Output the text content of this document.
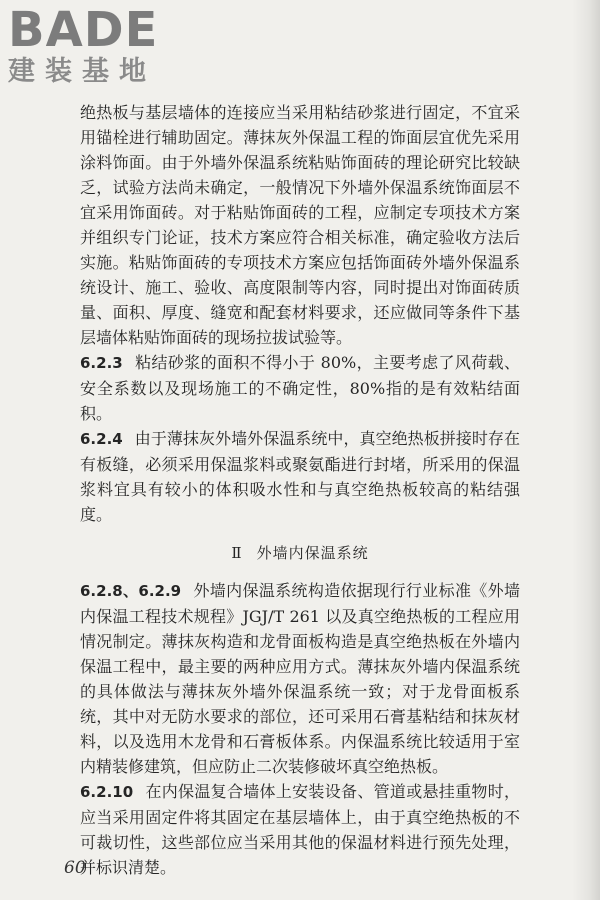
BADE
建装基地

绝热板与基层墙体的连接应当采用粘结砂浆进行固定，不宜采用锚栓进行辅助固定。薄抹灰外保温工程的饰面层宜优先采用涂料饰面。由于外墙外保温系统粘贴饰面砖的理论研究比较缺乏，试验方法尚未确定，一般情况下外墙外保温系统饰面层不宜采用饰面砖。对于粘贴饰面砖的工程，应制定专项技术方案并组织专门论证，技术方案应符合相关标准，确定验收方法后实施。粘贴饰面砖的专项技术方案应包括饰面砖外墙外保温系统设计、施工、验收、高度限制等内容，同时提出对饰面砖质量、面积、厚度、缝宽和配套材料要求，还应做同等条件下基层墙体粘贴饰面砖的现场拉拔试验等。

6.2.3 粘结砂浆的面积不得小于 80%，主要考虑了风荷载、安全系数以及现场施工的不确定性，80%指的是有效粘结面积。

6.2.4 由于薄抹灰外墙外保温系统中，真空绝热板拼接时存在有板缝，必须采用保温浆料或聚氨酯进行封堵，所采用的保温浆料宜具有较小的体积吸水性和与真空绝热板较高的粘结强度。

Ⅱ 外墙内保温系统

6.2.8、6.2.9 外墙内保温系统构造依据现行行业标准《外墙内保温工程技术规程》JGJ/T 261 以及真空绝热板的工程应用情况制定。薄抹灰构造和龙骨面板构造是真空绝热板在外墙内保温工程中，最主要的两种应用方式。薄抹灰外墙内保温系统的具体做法与薄抹灰外墙外保温系统一致；对于龙骨面板系统，其中对无防水要求的部位，还可采用石膏基粘结和抹灰材料，以及选用木龙骨和石膏板体系。内保温系统比较适用于室内精装修建筑，但应防止二次装修破坏真空绝热板。

6.2.10 在内保温复合墙体上安装设备、管道或悬挂重物时，应当采用固定件将其固定在基层墙体上，由于真空绝热板的不可裁切性，这些部位应当采用其他的保温材料进行预先处理，并标识清楚。

60
